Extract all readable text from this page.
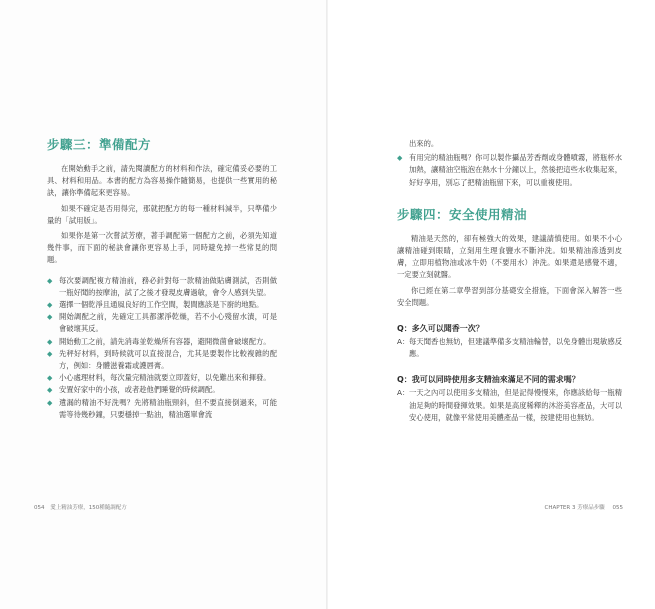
步驟三：準備配方

在開始動手之前，請先閱讀配方的材料和作法，確定備妥必要的工具、材料和用品。本書的配方為容易操作隨簡易，也提供一些實用的秘訣，讓你準備起來更容易。

如果不確定是否用得完，那就把配方的每一種材料減半，只準備少量的「試用版」。

如果你是第一次嘗試芳療，著手調配第一個配方之前，必須先知道幾件事，而下面的秘訣會讓你更容易上手，同時避免掉一些常見的問題。

◆ 每次要調配複方精油前，務必針對每一款精油做貼膚測試，否則做一瓶好聞的按摩油，試了之後才發現皮膚過敏，會令人感到失望。
◆ 選擇一個乾淨且通風良好的工作空間，製間應該是下廚的地點。
◆ 開始調配之前，先確定工具都潔淨乾燥，若不小心殘留水漬，可是會破壞其反。
◆ 開始動工之前，請先消毒並乾燥所有容器，避開微菌會破壞配方。
◆ 先秤好材料，到時候就可以直接混合，尤其是要製作比較複雜的配方，例如：身體滋養霜或護唇膏。
◆ 小心處理材料，每次量完精油就要立即蓋好，以免難出來和揮發。
◆ 安置好家中的小孩，或者趁他們睡覺的時候調配。
◆ 遺漏的精油不好洗嗎？先將精油瓶頸斜，但不要直接倒過來，可能需等待幾秒鐘，只要穩掉一點油，精油選單會流
054 愛上精油芳療，150種隨調配方

出來的。

◆ 有用完的精油瓶嗎？你可以製作攝品芳香劑或身體噴霧，將瓶杯水加熱，讓精油空瓶泡在熱水十分鐘以上，然後把這些水收集起來，好好享用，別忘了把精油瓶留下來，可以重複使用。
步驟四：安全使用精油

精油是天然的，卻有極強大的效果，建議請慎使用。如果不小心讓精油碰到眼睛，立刻用生理食鹽水不斷沖洗。如果精油滲透到皮膚，立即用植物油或冰牛奶（不要用水）沖洗。如果還是感覺不適，一定要立刻就醫。

你已經在第二章學習到部分基礎安全措施，下面會深入解答一些安全問題。

Q：多久可以聞香一次？

A： 每天聞香也無妨，但建議準備多支精油輪替，以免身體出現敏感反應。

Q：我可以同時使用多支精油來滿足不同的需求嗎？

A： 一天之內可以使用多支精油，但是記得慢慢來，你應該給每一瓶精油足夠的時間發揮效果。如果是高度稀釋的沐浴美容產品，大可以安心使用，就像平常使用美體產品一樣，按建使用也無妨。

CHAPTER 3 芳療品步驟 055
